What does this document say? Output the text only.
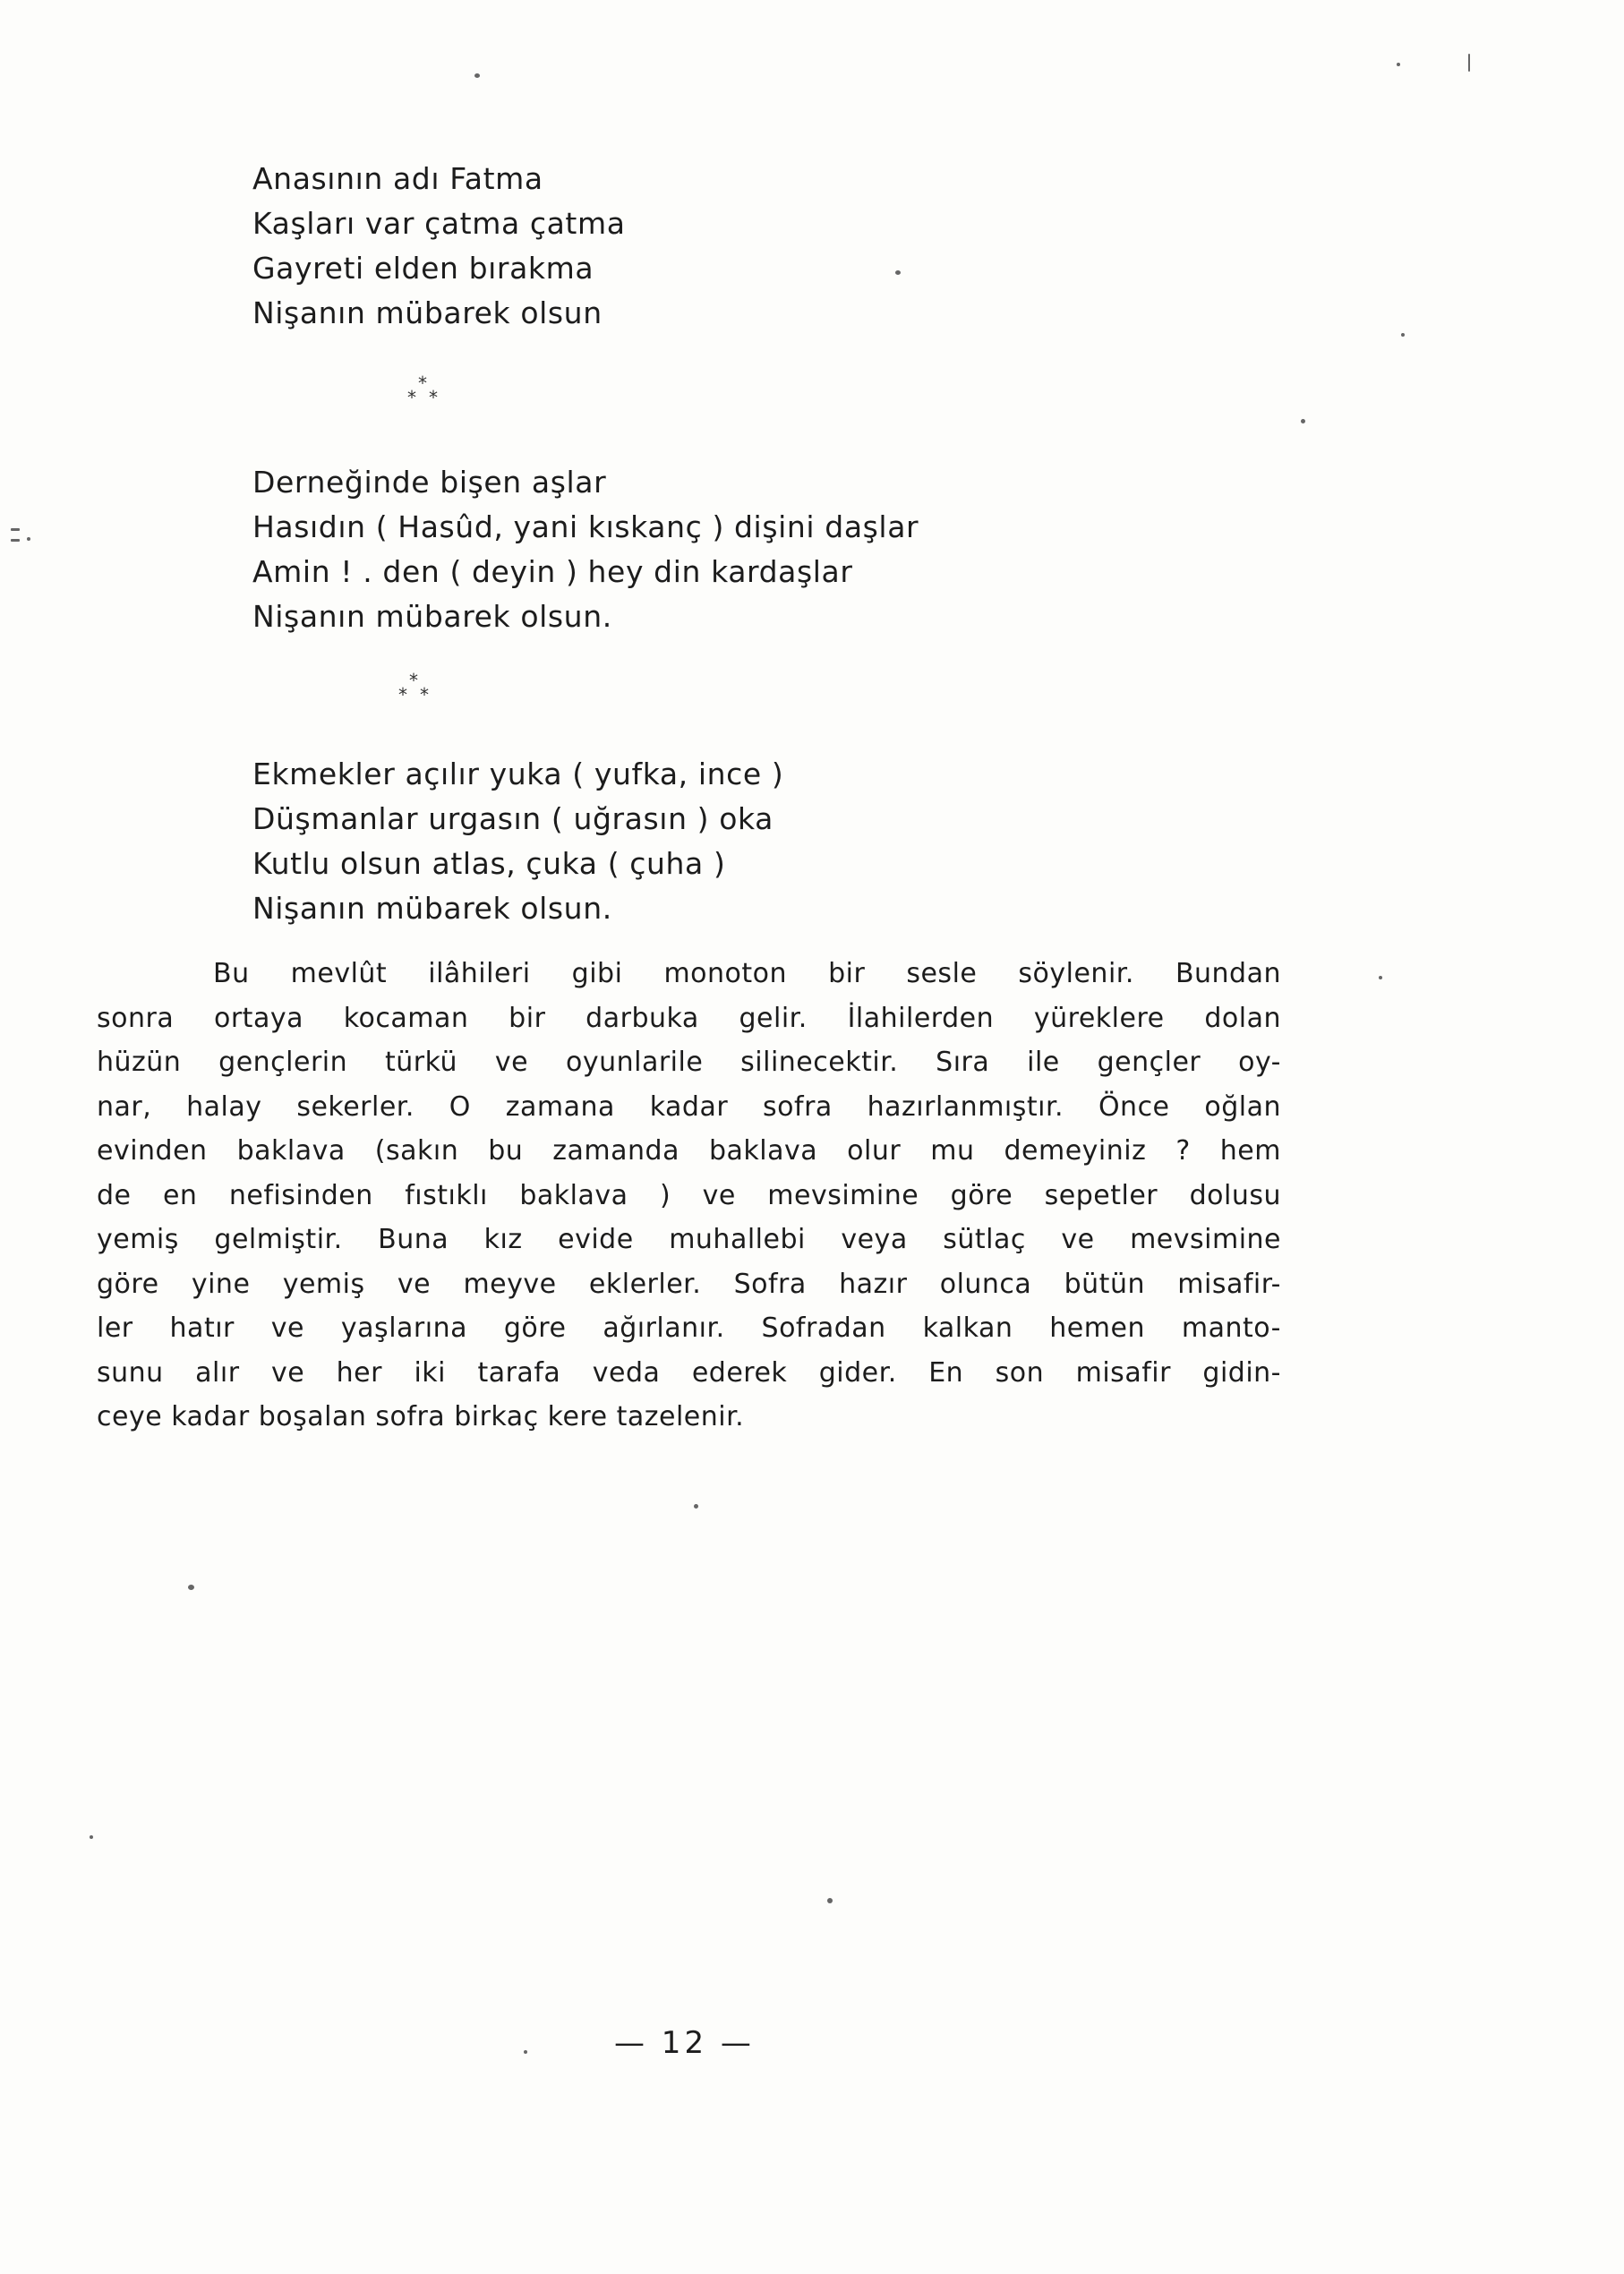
Anasının adı Fatma
Kaşları var çatma çatma
Gayreti elden bırakma
Nişanın mübarek olsun
*
* *
Derneğinde bişen aşlar
Hasıdın ( Hasûd, yani kıskanç ) dişini daşlar
Amin ! . den ( deyin ) hey din kardaşlar
Nişanın mübarek olsun.
*
* *
Ekmekler açılır yuka ( yufka, ince )
Düşmanlar urgasın ( uğrasın ) oka
Kutlu olsun atlas, çuka ( çuha )
Nişanın mübarek olsun.
Bu mevlût ilâhileri gibi monoton bir sesle söylenir. Bundan
sonra ortaya kocaman bir darbuka gelir. İlahilerden yüreklere dolan
hüzün gençlerin türkü ve oyunlarile silinecektir. Sıra ile gençler oy-
nar, halay sekerler. O zamana kadar sofra hazırlanmıştır. Önce oğlan
evinden baklava (sakın bu zamanda baklava olur mu demeyiniz ? hem
de en nefisinden fıstıklı baklava ) ve mevsimine göre sepetler dolusu
yemiş gelmiştir. Buna kız evide muhallebi veya sütlaç ve mevsimine
göre yine yemiş ve meyve eklerler. Sofra hazır olunca bütün misafir-
ler hatır ve yaşlarına göre ağırlanır. Sofradan kalkan hemen manto-
sunu alır ve her iki tarafa veda ederek gider. En son misafir gidin-
ceye kadar boşalan sofra birkaç kere tazelenir.
— 12 —
